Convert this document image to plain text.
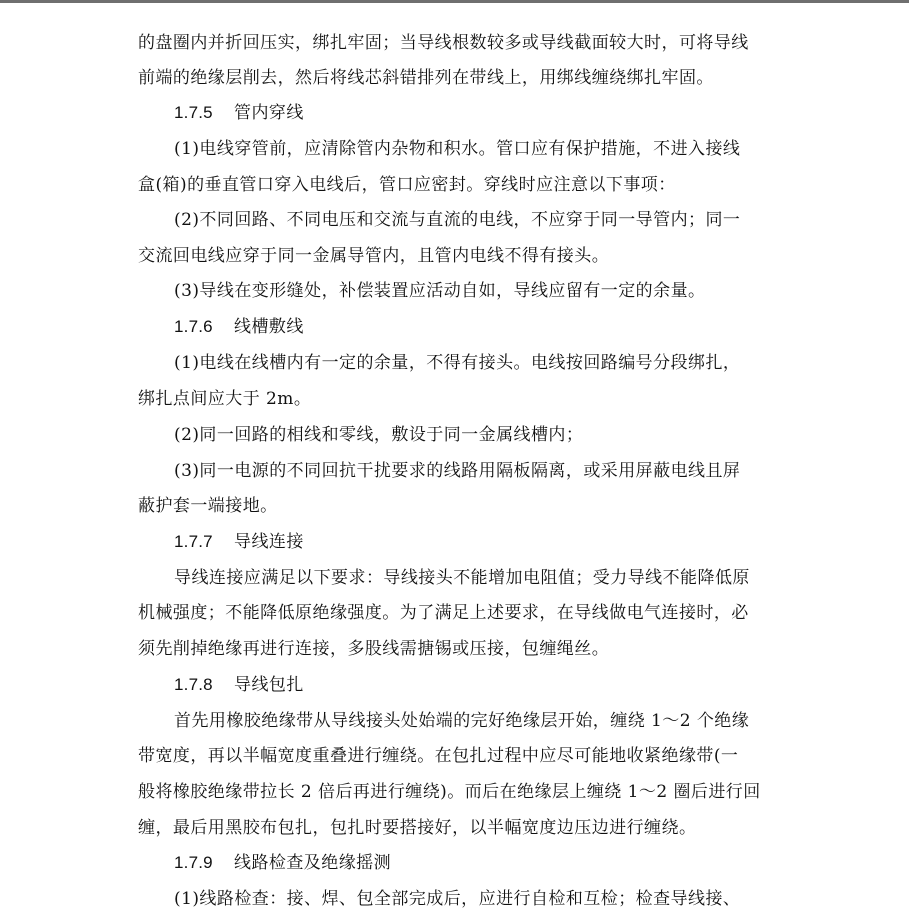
的盘圈内并折回压实，绑扎牢固；当导线根数较多或导线截面较大时，可将导线
前端的绝缘层削去，然后将线芯斜错排列在带线上，用绑线缠绕绑扎牢固。
1.7.5 管内穿线
(1)电线穿管前，应清除管内杂物和积水。管口应有保护措施，不进入接线
盒(箱)的垂直管口穿入电线后，管口应密封。穿线时应注意以下事项：
(2)不同回路、不同电压和交流与直流的电线，不应穿于同一导管内；同一
交流回电线应穿于同一金属导管内，且管内电线不得有接头。
(3)导线在变形缝处，补偿装置应活动自如，导线应留有一定的余量。
1.7.6 线槽敷线
(1)电线在线槽内有一定的余量，不得有接头。电线按回路编号分段绑扎，
绑扎点间应大于 2m。
(2)同一回路的相线和零线，敷设于同一金属线槽内；
(3)同一电源的不同回抗干扰要求的线路用隔板隔离，或采用屏蔽电线且屏
蔽护套一端接地。
1.7.7 导线连接
导线连接应满足以下要求：导线接头不能增加电阻值；受力导线不能降低原
机械强度；不能降低原绝缘强度。为了满足上述要求，在导线做电气连接时，必
须先削掉绝缘再进行连接，多股线需搪锡或压接，包缠绳丝。
1.7.8 导线包扎
首先用橡胶绝缘带从导线接头处始端的完好绝缘层开始，缠绕 1～2 个绝缘
带宽度，再以半幅宽度重叠进行缠绕。在包扎过程中应尽可能地收紧绝缘带(一
般将橡胶绝缘带拉长 2 倍后再进行缠绕)。而后在绝缘层上缠绕 1～2 圈后进行回
缠，最后用黑胶布包扎，包扎时要搭接好，以半幅宽度边压边进行缠绕。
1.7.9 线路检查及绝缘摇测
(1)线路检查：接、焊、包全部完成后，应进行自检和互检；检查导线接、
